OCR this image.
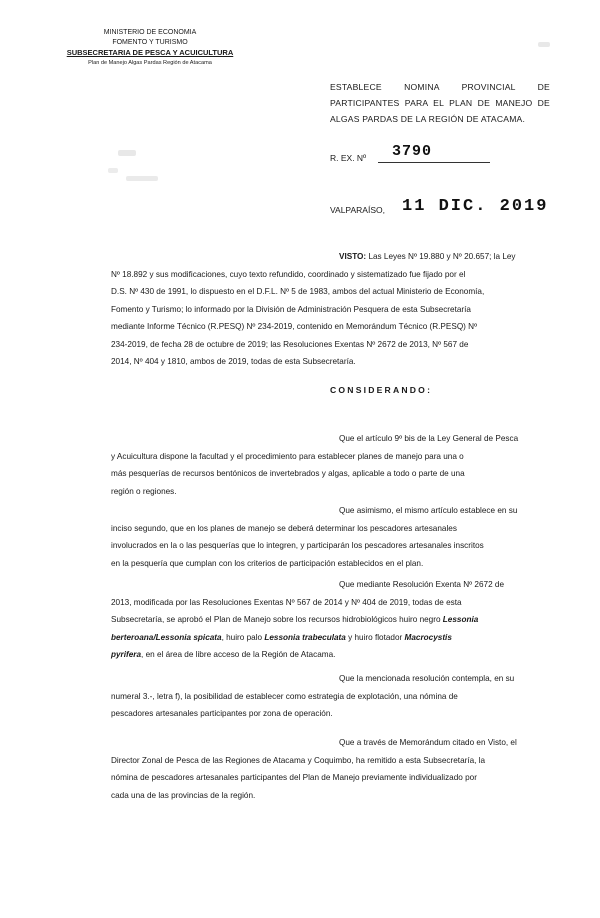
MINISTERIO DE ECONOMIA
FOMENTO Y TURISMO
SUBSECRETARIA DE PESCA Y ACUICULTURA
Plan de Manejo Algas Pardas Región de Atacama
ESTABLECE NOMINA PROVINCIAL DE
PARTICIPANTES PARA EL PLAN DE MANEJO DE
ALGAS PARDAS DE LA REGIÓN DE ATACAMA.
R. EX. Nº 3790
VALPARAÍSO, 11 DIC. 2019
VISTO: Las Leyes Nº 19.880 y Nº 20.657; la Ley
Nº 18.892 y sus modificaciones, cuyo texto refundido, coordinado y sistematizado fue fijado por el
D.S. Nº 430 de 1991, lo dispuesto en el D.F.L. Nº 5 de 1983, ambos del actual Ministerio de Economía,
Fomento y Turismo; lo informado por la División de Administración Pesquera de esta Subsecretaría
mediante Informe Técnico (R.PESQ) Nº 234-2019, contenido en Memorándum Técnico (R.PESQ) Nº
234-2019, de fecha 28 de octubre de 2019; las Resoluciones Exentas Nº 2672 de 2013, Nº 567 de
2014, Nº 404 y 1810, ambos de 2019, todas de esta Subsecretaría.
CONSIDERANDO:
Que el artículo 9º bis de la Ley General de Pesca
y Acuicultura dispone la facultad y el procedimiento para establecer planes de manejo para una o
más pesquerías de recursos bentónicos de invertebrados y algas, aplicable a todo o parte de una
región o regiones.
Que asimismo, el mismo artículo establece en su
inciso segundo, que en los planes de manejo se deberá determinar los pescadores artesanales
involucrados en la o las pesquerías que lo integren, y participarán los pescadores artesanales inscritos
en la pesquería que cumplan con los criterios de participación establecidos en el plan.
Que mediante Resolución Exenta Nº 2672 de
2013, modificada por las Resoluciones Exentas Nº 567 de 2014 y Nº 404 de 2019, todas de esta
Subsecretaría, se aprobó el Plan de Manejo sobre los recursos hidrobiológicos huiro negro Lessonia
berteroana/Lessonia spicata, huiro palo Lessonia trabeculata y huiro flotador Macrocystis
pyrifera, en el área de libre acceso de la Región de Atacama.
Que la mencionada resolución contempla, en su
numeral 3.-, letra f), la posibilidad de establecer como estrategia de explotación, una nómina de
pescadores artesanales participantes por zona de operación.
Que a través de Memorándum citado en Visto, el
Director Zonal de Pesca de las Regiones de Atacama y Coquimbo, ha remitido a esta Subsecretaría, la
nómina de pescadores artesanales participantes del Plan de Manejo previamente individualizado por
cada una de las provincias de la región.
